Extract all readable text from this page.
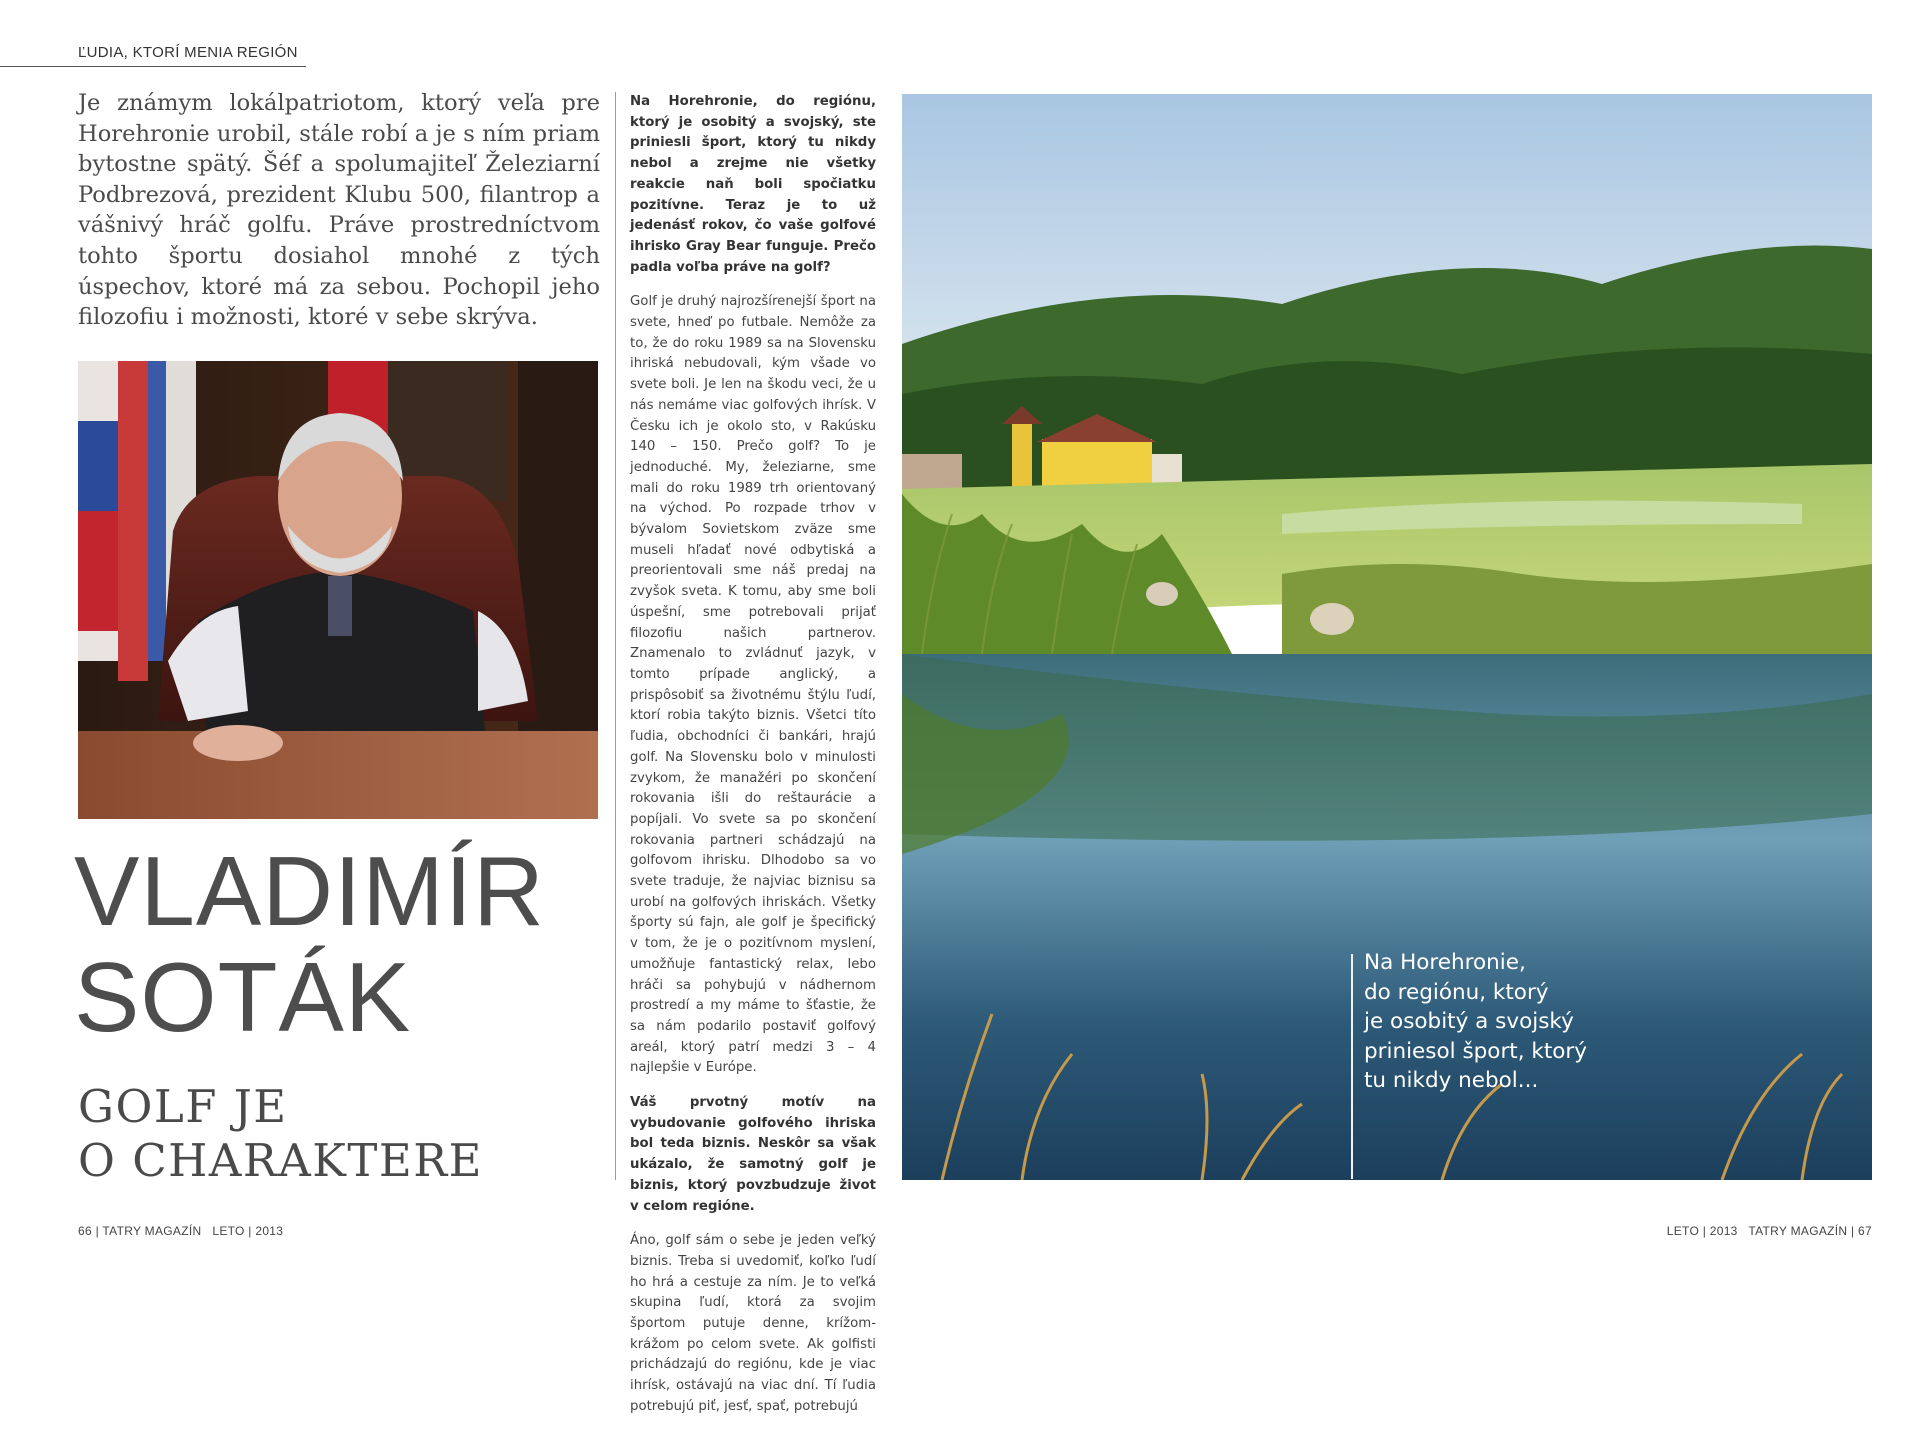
ĽUDIA, KTORÍ MENIA REGIÓN

Je známym lokálpatriotom, ktorý veľa pre Horehronie urobil, stále robí a je s ním priam bytostne spätý. Šéf a spolumajiteľ Železiarní Podbrezová, prezident Klubu 500, filantrop a vášnivý hráč golfu. Práve prostredníctvom tohto športu dosiahol mnohé z tých úspechov, ktoré má za sebou. Pochopil jeho filozofiu i možnosti, ktoré v sebe skrýva.

VLADIMÍR
SOTÁK
GOLF JE
O CHARAKTERE

Na Horehronie, do regiónu, ktorý je osobitý a svojský, ste priniesli šport, ktorý tu nikdy nebol a zrejme nie všetky reakcie naň boli spočiatku pozitívne. Teraz je to už jedenásť rokov, čo vaše golfové ihrisko Gray Bear funguje. Prečo padla voľba práve na golf?

Golf je druhý najrozšírenejší šport na svete, hneď po futbale. Nemôže za to, že do roku 1989 sa na Slovensku ihriská nebudovali, kým všade vo svete boli. Je len na škodu veci, že u nás nemáme viac golfových ihrísk. V Česku ich je okolo sto, v Rakúsku 140 – 150. Prečo golf? To je jednoduché. My, železiarne, sme mali do roku 1989 trh orientovaný na východ. Po rozpade trhov v bývalom Sovietskom zväze sme museli hľadať nové odbytiská a preorientovali sme náš predaj na zvyšok sveta. K tomu, aby sme boli úspešní, sme potrebovali prijať filozofiu našich partnerov. Znamenalo to zvládnuť jazyk, v tomto prípade anglický, a prispôsobiť sa životnému štýlu ľudí, ktorí robia takýto biznis. Všetci títo ľudia, obchodníci či bankári, hrajú golf. Na Slovensku bolo v minulosti zvykom, že manažéri po skončení rokovania išli do reštaurácie a popíjali. Vo svete sa po skončení rokovania partneri schádzajú na golfovom ihrisku. Dlhodobo sa vo svete traduje, že najviac biznisu sa urobí na golfových ihriskách. Všetky športy sú fajn, ale golf je špecifický v tom, že je o pozitívnom myslení, umožňuje fantastický relax, lebo hráči sa pohybujú v nádhernom prostredí a my máme to šťastie, že sa nám podarilo postaviť golfový areál, ktorý patrí medzi 3 – 4 najlepšie v Európe.

Váš prvotný motív na vybudovanie golfového ihriska bol teda biznis. Neskôr sa však ukázalo, že samotný golf je biznis, ktorý povzbudzuje život v celom regióne.

Áno, golf sám o sebe je jeden veľký biznis. Treba si uvedomiť, koľko ľudí ho hrá a cestuje za ním. Je to veľká skupina ľudí, ktorá za svojim športom putuje denne, krížom-krážom po celom svete. Ak golfisti prichádzajú do regiónu, kde je viac ihrísk, ostávajú na viac dní. Tí ľudia potrebujú piť, jesť, spať, potrebujú

Na Horehronie,
do regiónu, ktorý
je osobitý a svojský
priniesol šport, ktorý
tu nikdy nebol...
66 | TATRY MAGAZÍN   LETO | 2013	LETO | 2013   TATRY MAGAZÍN | 67
